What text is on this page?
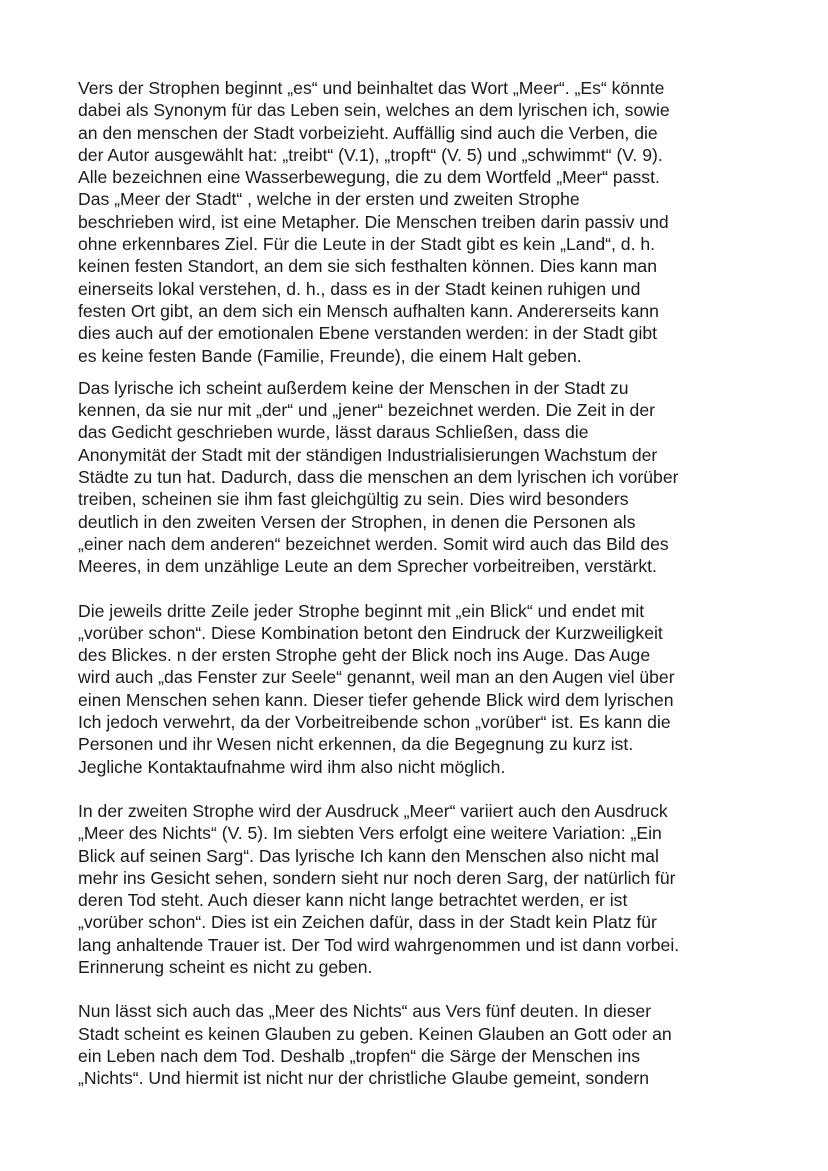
Vers der Strophen beginnt „es“ und beinhaltet das Wort „Meer“. „Es“ könnte
dabei als Synonym für das Leben sein, welches an dem lyrischen ich, sowie
an den menschen der Stadt vorbeizieht. Auffällig sind auch die Verben, die
der Autor ausgewählt hat: „treibt“ (V.1), „tropft“ (V. 5) und „schwimmt“ (V. 9).
Alle bezeichnen eine Wasserbewegung, die zu dem Wortfeld „Meer“ passt.
Das „Meer der Stadt“ , welche in der ersten und zweiten Strophe
beschrieben wird, ist eine Metapher. Die Menschen treiben darin passiv und
ohne erkennbares Ziel. Für die Leute in der Stadt gibt es kein „Land“, d. h.
keinen festen Standort, an dem sie sich festhalten können. Dies kann man
einerseits lokal verstehen, d. h., dass es in der Stadt keinen ruhigen und
festen Ort gibt, an dem sich ein Mensch aufhalten kann. Andererseits kann
dies auch auf der emotionalen Ebene verstanden werden: in der Stadt gibt
es keine festen Bande (Familie, Freunde), die einem Halt geben.
Das lyrische ich scheint außerdem keine der Menschen in der Stadt zu
kennen, da sie nur mit „der“ und „jener“ bezeichnet werden. Die Zeit in der
das Gedicht geschrieben wurde, lässt daraus Schließen, dass die
Anonymität der Stadt mit der ständigen Industrialisierungen Wachstum der
Städte zu tun hat. Dadurch, dass die menschen an dem lyrischen ich vorüber
treiben, scheinen sie ihm fast gleichgültig zu sein. Dies wird besonders
deutlich in den zweiten Versen der Strophen, in denen die Personen als
„einer nach dem anderen“ bezeichnet werden. Somit wird auch das Bild des
Meeres, in dem unzählige Leute an dem Sprecher vorbeitreiben, verstärkt.
Die jeweils dritte Zeile jeder Strophe beginnt mit „ein Blick“ und endet mit
„vorüber schon“. Diese Kombination betont den Eindruck der Kurzweiligkeit
des Blickes. n der ersten Strophe geht der Blick noch ins Auge. Das Auge
wird auch „das Fenster zur Seele“ genannt, weil man an den Augen viel über
einen Menschen sehen kann. Dieser tiefer gehende Blick wird dem lyrischen
Ich jedoch verwehrt, da der Vorbeitreibende schon „vorüber“ ist. Es kann die
Personen und ihr Wesen nicht erkennen, da die Begegnung zu kurz ist.
Jegliche Kontaktaufnahme wird ihm also nicht möglich.
In der zweiten Strophe wird der Ausdruck „Meer“ variiert auch den Ausdruck
„Meer des Nichts“ (V. 5). Im siebten Vers erfolgt eine weitere Variation: „Ein
Blick auf seinen Sarg“. Das lyrische Ich kann den Menschen also nicht mal
mehr ins Gesicht sehen, sondern sieht nur noch deren Sarg, der natürlich für
deren Tod steht. Auch dieser kann nicht lange betrachtet werden, er ist
„vorüber schon“. Dies ist ein Zeichen dafür, dass in der Stadt kein Platz für
lang anhaltende Trauer ist. Der Tod wird wahrgenommen und ist dann vorbei.
Erinnerung scheint es nicht zu geben.
Nun lässt sich auch das „Meer des Nichts“ aus Vers fünf deuten. In dieser
Stadt scheint es keinen Glauben zu geben. Keinen Glauben an Gott oder an
ein Leben nach dem Tod. Deshalb „tropfen“ die Särge der Menschen ins
„Nichts“. Und hiermit ist nicht nur der christliche Glaube gemeint, sondern
